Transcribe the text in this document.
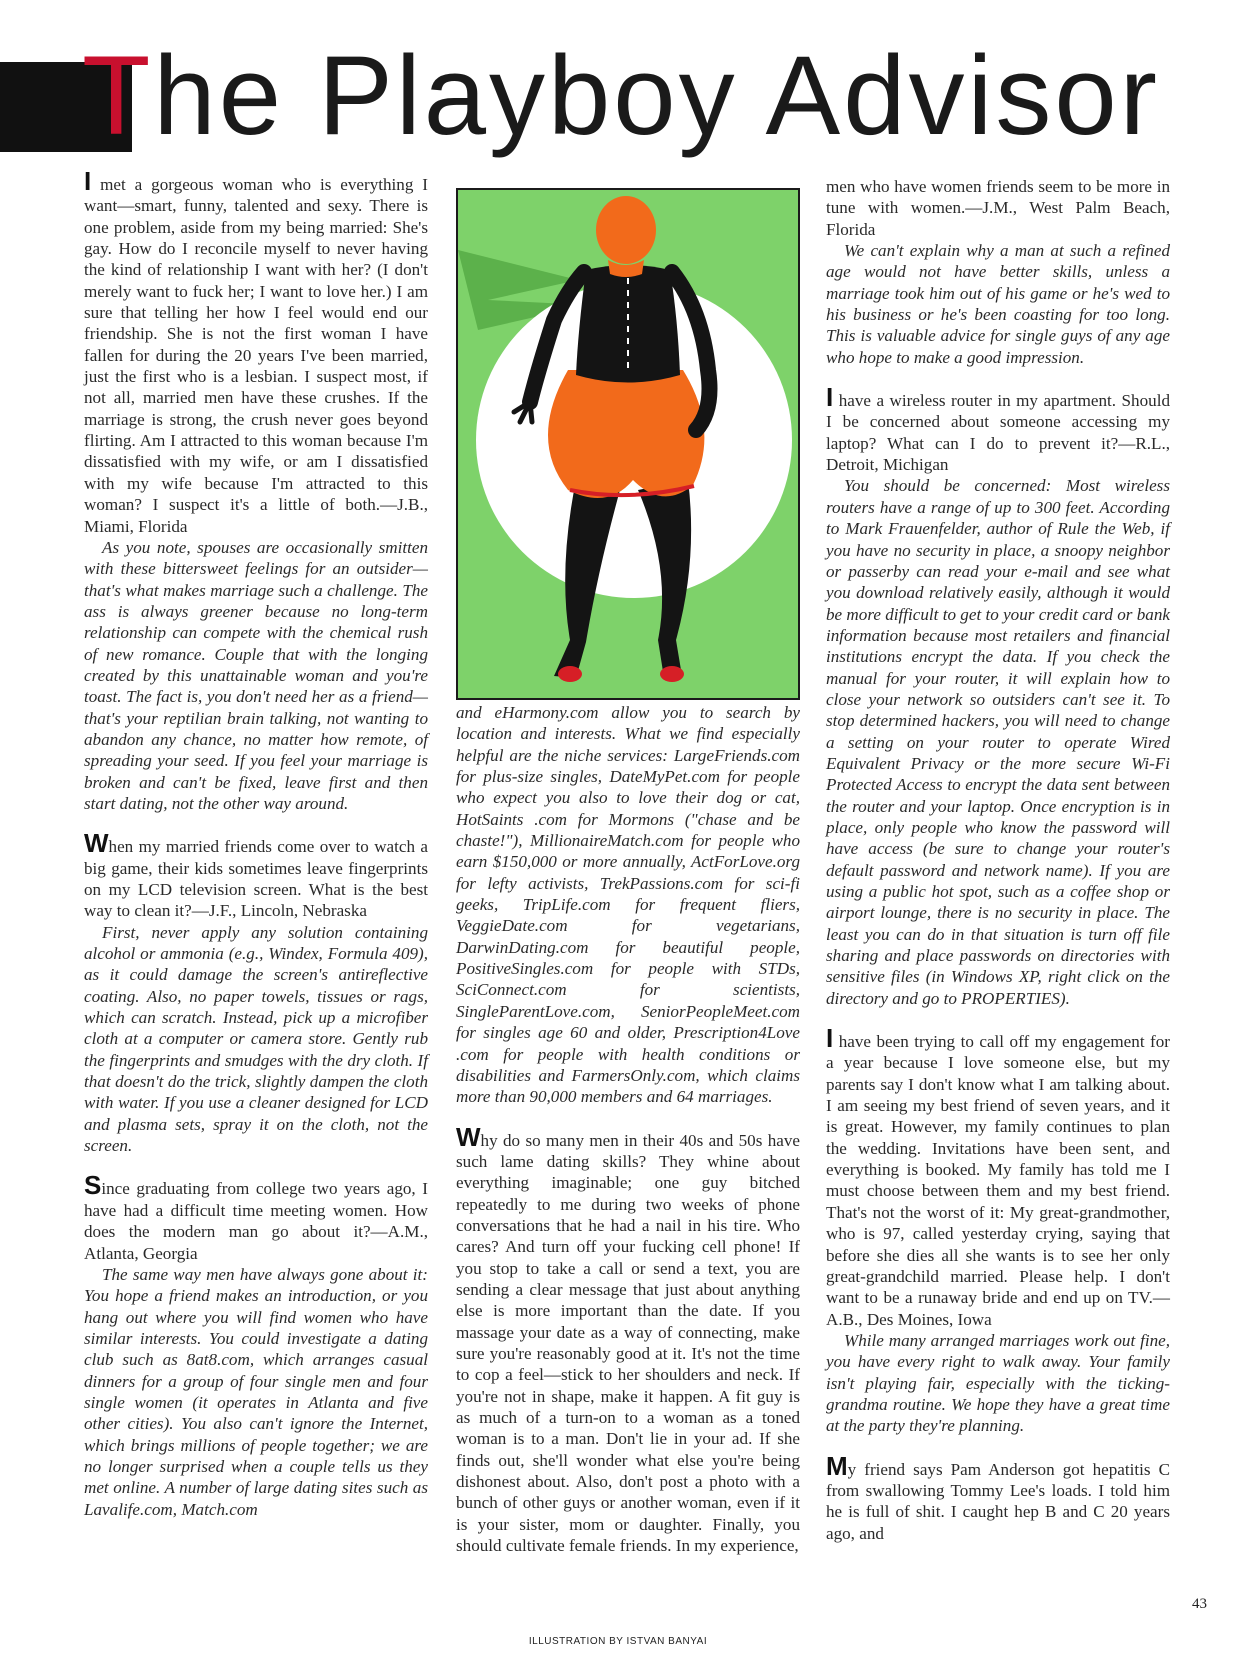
The Playboy Advisor

I met a gorgeous woman who is everything I want—smart, funny, talented and sexy. There is one problem, aside from my being married: She's gay. How do I reconcile myself to never having the kind of relationship I want with her? (I don't merely want to fuck her; I want to love her.) I am sure that telling her how I feel would end our friendship. She is not the first woman I have fallen for during the 20 years I've been married, just the first who is a lesbian. I suspect most, if not all, married men have these crushes. If the marriage is strong, the crush never goes beyond flirting. Am I attracted to this woman because I'm dissatisfied with my wife, or am I dissatisfied with my wife because I'm attracted to this woman? I suspect it's a little of both.—J.B., Miami, Florida

As you note, spouses are occasionally smitten with these bittersweet feelings for an outsider—that's what makes marriage such a challenge. The ass is always greener because no long-term relationship can compete with the chemical rush of new romance. Couple that with the longing created by this unattainable woman and you're toast. The fact is, you don't need her as a friend—that's your reptilian brain talking, not wanting to abandon any chance, no matter how remote, of spreading your seed. If you feel your marriage is broken and can't be fixed, leave first and then start dating, not the other way around.

When my married friends come over to watch a big game, their kids sometimes leave fingerprints on my LCD television screen. What is the best way to clean it?—J.F., Lincoln, Nebraska

First, never apply any solution containing alcohol or ammonia (e.g., Windex, Formula 409), as it could damage the screen's antireflective coating. Also, no paper towels, tissues or rags, which can scratch. Instead, pick up a microfiber cloth at a computer or camera store. Gently rub the fingerprints and smudges with the dry cloth. If that doesn't do the trick, slightly dampen the cloth with water. If you use a cleaner designed for LCD and plasma sets, spray it on the cloth, not the screen.

Since graduating from college two years ago, I have had a difficult time meeting women. How does the modern man go about it?—A.M., Atlanta, Georgia

The same way men have always gone about it: You hope a friend makes an introduction, or you hang out where you will find women who have similar interests. You could investigate a dating club such as 8at8.com, which arranges casual dinners for a group of four single men and four single women (it operates in Atlanta and five other cities). You also can't ignore the Internet, which brings millions of people together; we are no longer surprised when a couple tells us they met online. A number of large dating sites such as Lavalife.com, Match.com

and eHarmony.com allow you to search by location and interests. What we find especially helpful are the niche services: LargeFriends.com for plus-size singles, DateMyPet.com for people who expect you also to love their dog or cat, HotSaints .com for Mormons ("chase and be chaste!"), MillionaireMatch.com for people who earn $150,000 or more annually, ActForLove.org for lefty activists, TrekPassions.com for sci-fi geeks, TripLife.com for frequent fliers, VeggieDate.com for vegetarians, DarwinDating.com for beautiful people, PositiveSingles.com for people with STDs, SciConnect.com for scientists, SingleParentLove.com, SeniorPeopleMeet.com for singles age 60 and older, Prescription4Love .com for people with health conditions or disabilities and FarmersOnly.com, which claims more than 90,000 members and 64 marriages.

Why do so many men in their 40s and 50s have such lame dating skills? They whine about everything imaginable; one guy bitched repeatedly to me during two weeks of phone conversations that he had a nail in his tire. Who cares? And turn off your fucking cell phone! If you stop to take a call or send a text, you are sending a clear message that just about anything else is more important than the date. If you massage your date as a way of connecting, make sure you're reasonably good at it. It's not the time to cop a feel—stick to her shoulders and neck. If you're not in shape, make it happen. A fit guy is as much of a turn-on to a woman as a toned woman is to a man. Don't lie in your ad. If she finds out, she'll wonder what else you're being dishonest about. Also, don't post a photo with a bunch of other guys or another woman, even if it is your sister, mom or daughter. Finally, you should cultivate female friends. In my experience,

men who have women friends seem to be more in tune with women.—J.M., West Palm Beach, Florida

We can't explain why a man at such a refined age would not have better skills, unless a marriage took him out of his game or he's wed to his business or he's been coasting for too long. This is valuable advice for single guys of any age who hope to make a good impression.

I have a wireless router in my apartment. Should I be concerned about someone accessing my laptop? What can I do to prevent it?—R.L., Detroit, Michigan

You should be concerned: Most wireless routers have a range of up to 300 feet. According to Mark Frauenfelder, author of Rule the Web, if you have no security in place, a snoopy neighbor or passerby can read your e-mail and see what you download relatively easily, although it would be more difficult to get to your credit card or bank information because most retailers and financial institutions encrypt the data. If you check the manual for your router, it will explain how to close your network so outsiders can't see it. To stop determined hackers, you will need to change a setting on your router to operate Wired Equivalent Privacy or the more secure Wi-Fi Protected Access to encrypt the data sent between the router and your laptop. Once encryption is in place, only people who know the password will have access (be sure to change your router's default password and network name). If you are using a public hot spot, such as a coffee shop or airport lounge, there is no security in place. The least you can do in that situation is turn off file sharing and place passwords on directories with sensitive files (in Windows XP, right click on the directory and go to PROPERTIES).

I have been trying to call off my engagement for a year because I love someone else, but my parents say I don't know what I am talking about. I am seeing my best friend of seven years, and it is great. However, my family continues to plan the wedding. Invitations have been sent, and everything is booked. My family has told me I must choose between them and my best friend. That's not the worst of it: My great-grandmother, who is 97, called yesterday crying, saying that before she dies all she wants is to see her only great-grandchild married. Please help. I don't want to be a runaway bride and end up on TV.—A.B., Des Moines, Iowa

While many arranged marriages work out fine, you have every right to walk away. Your family isn't playing fair, especially with the ticking-grandma routine. We hope they have a great time at the party they're planning.

My friend says Pam Anderson got hepatitis C from swallowing Tommy Lee's loads. I told him he is full of shit. I caught hep B and C 20 years ago, and

43
ILLUSTRATION BY ISTVAN BANYAI
